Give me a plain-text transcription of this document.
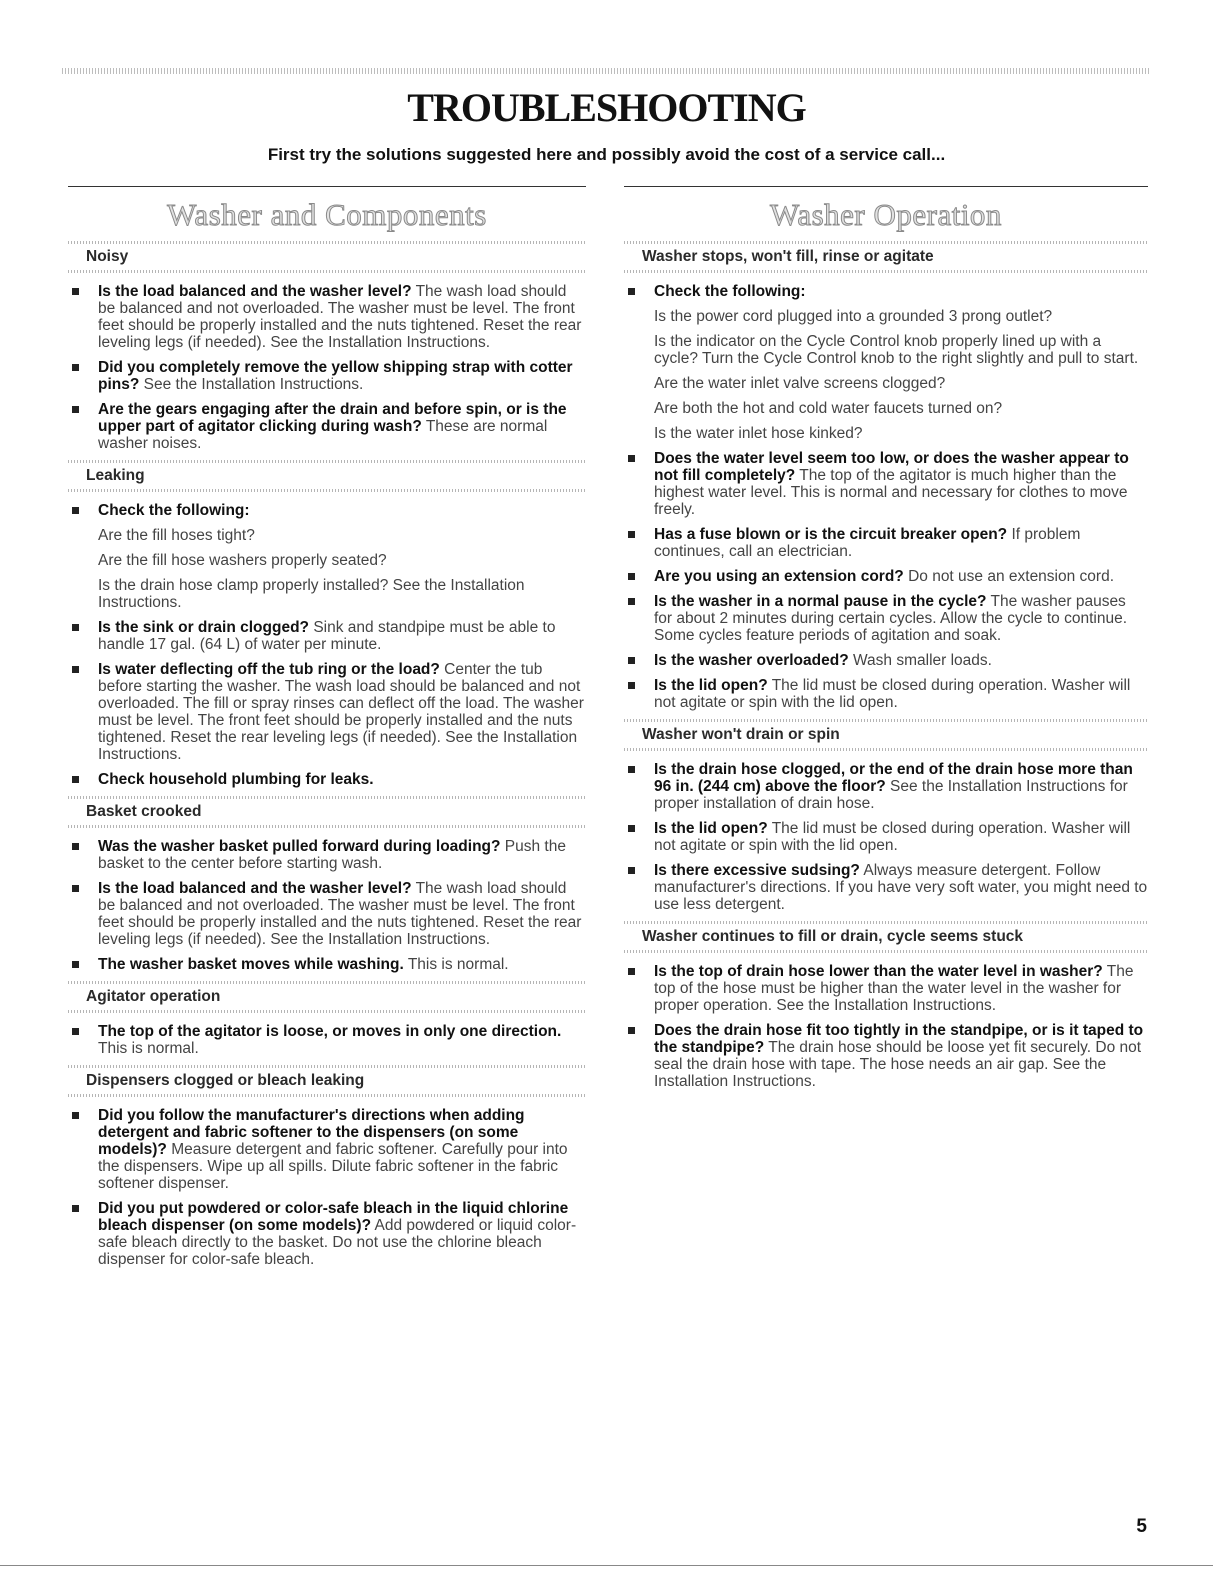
TROUBLESHOOTING
First try the solutions suggested here and possibly avoid the cost of a service call...
Washer and Components
Noisy
Is the load balanced and the washer level? The wash load should be balanced and not overloaded. The washer must be level. The front feet should be properly installed and the nuts tightened. Reset the rear leveling legs (if needed). See the Installation Instructions.
Did you completely remove the yellow shipping strap with cotter pins? See the Installation Instructions.
Are the gears engaging after the drain and before spin, or is the upper part of agitator clicking during wash? These are normal washer noises.
Leaking
Check the following:
Are the fill hoses tight?
Are the fill hose washers properly seated?
Is the drain hose clamp properly installed? See the Installation Instructions.
Is the sink or drain clogged? Sink and standpipe must be able to handle 17 gal. (64 L) of water per minute.
Is water deflecting off the tub ring or the load? Center the tub before starting the washer. The wash load should be balanced and not overloaded. The fill or spray rinses can deflect off the load. The washer must be level. The front feet should be properly installed and the nuts tightened. Reset the rear leveling legs (if needed). See the Installation Instructions.
Check household plumbing for leaks.
Basket crooked
Was the washer basket pulled forward during loading? Push the basket to the center before starting wash.
Is the load balanced and the washer level? The wash load should be balanced and not overloaded. The washer must be level. The front feet should be properly installed and the nuts tightened. Reset the rear leveling legs (if needed). See the Installation Instructions.
The washer basket moves while washing. This is normal.
Agitator operation
The top of the agitator is loose, or moves in only one direction. This is normal.
Dispensers clogged or bleach leaking
Did you follow the manufacturer's directions when adding detergent and fabric softener to the dispensers (on some models)? Measure detergent and fabric softener. Carefully pour into the dispensers. Wipe up all spills. Dilute fabric softener in the fabric softener dispenser.
Did you put powdered or color-safe bleach in the liquid chlorine bleach dispenser (on some models)? Add powdered or liquid color-safe bleach directly to the basket. Do not use the chlorine bleach dispenser for color-safe bleach.
Washer Operation
Washer stops, won't fill, rinse or agitate
Check the following:
Is the power cord plugged into a grounded 3 prong outlet?
Is the indicator on the Cycle Control knob properly lined up with a cycle? Turn the Cycle Control knob to the right slightly and pull to start.
Are the water inlet valve screens clogged?
Are both the hot and cold water faucets turned on?
Is the water inlet hose kinked?
Does the water level seem too low, or does the washer appear to not fill completely? The top of the agitator is much higher than the highest water level. This is normal and necessary for clothes to move freely.
Has a fuse blown or is the circuit breaker open? If problem continues, call an electrician.
Are you using an extension cord? Do not use an extension cord.
Is the washer in a normal pause in the cycle? The washer pauses for about 2 minutes during certain cycles. Allow the cycle to continue. Some cycles feature periods of agitation and soak.
Is the washer overloaded? Wash smaller loads.
Is the lid open? The lid must be closed during operation. Washer will not agitate or spin with the lid open.
Washer won't drain or spin
Is the drain hose clogged, or the end of the drain hose more than 96 in. (244 cm) above the floor? See the Installation Instructions for proper installation of drain hose.
Is the lid open? The lid must be closed during operation. Washer will not agitate or spin with the lid open.
Is there excessive sudsing? Always measure detergent. Follow manufacturer's directions. If you have very soft water, you might need to use less detergent.
Washer continues to fill or drain, cycle seems stuck
Is the top of drain hose lower than the water level in washer? The top of the hose must be higher than the water level in the washer for proper operation. See the Installation Instructions.
Does the drain hose fit too tightly in the standpipe, or is it taped to the standpipe? The drain hose should be loose yet fit securely. Do not seal the drain hose with tape. The hose needs an air gap. See the Installation Instructions.
5
